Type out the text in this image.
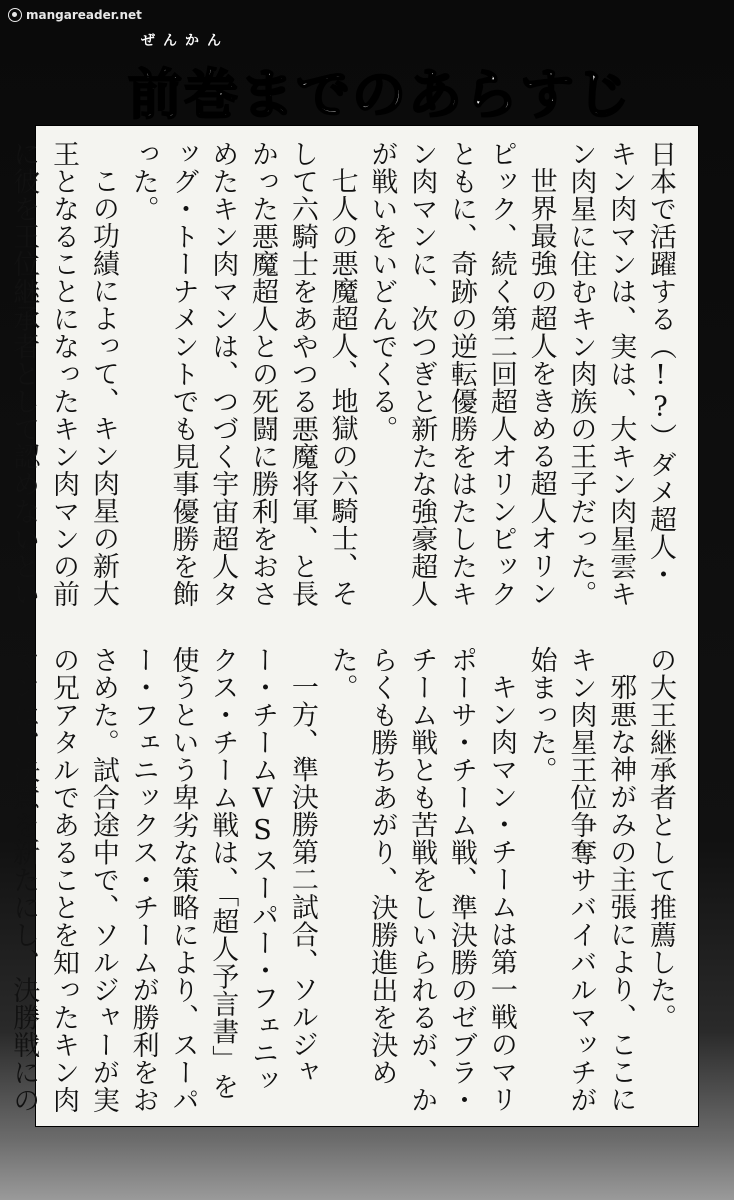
mangareader.net
ぜんかん
前巻までのあらすじ

日本で活躍する（!?）ダメ超人・キン肉マンは、実は、大キン肉星雲キン肉星に住むキン肉族の王子だった。

世界最強の超人をきめる超人オリンピック、続く第二回超人オリンピックともに、奇跡の逆転優勝をはたしたキン肉マンに、次つぎと新たな強豪超人が戦いをいどんでくる。

七人の悪魔超人、地獄の六騎士、そして六騎士をあやつる悪魔将軍、と長かった悪魔超人との死闘に勝利をおさめたキン肉マンは、つづく宇宙超人タッグ・トーナメントでも見事優勝を飾った。

この功績によって、キン肉星の新大王となることになったキン肉マンの前に彼を王位継承者として認めないとい

の大王継承者として推薦した。

邪悪な神がみの主張により、ここにキン肉星王位争奪サバイバルマッチが始まった。

キン肉マン・チームは第一戦のマリポーサ・チーム戦、準決勝のゼブラ・チーム戦とも苦戦をしいられるが、からくも勝ちあがり、決勝進出を決めた。

一方、準決勝第二試合、ソルジャー・チームVSスーパー・フェニックス・チーム戦は、「超人予言書」を使うという卑劣な策略により、スーパー・フェニックス・チームが勝利をおさめた。試合途中で、ソルジャーが実の兄アタルであることを知ったキン肉マンは、決意を新たにし、決勝戦にの
